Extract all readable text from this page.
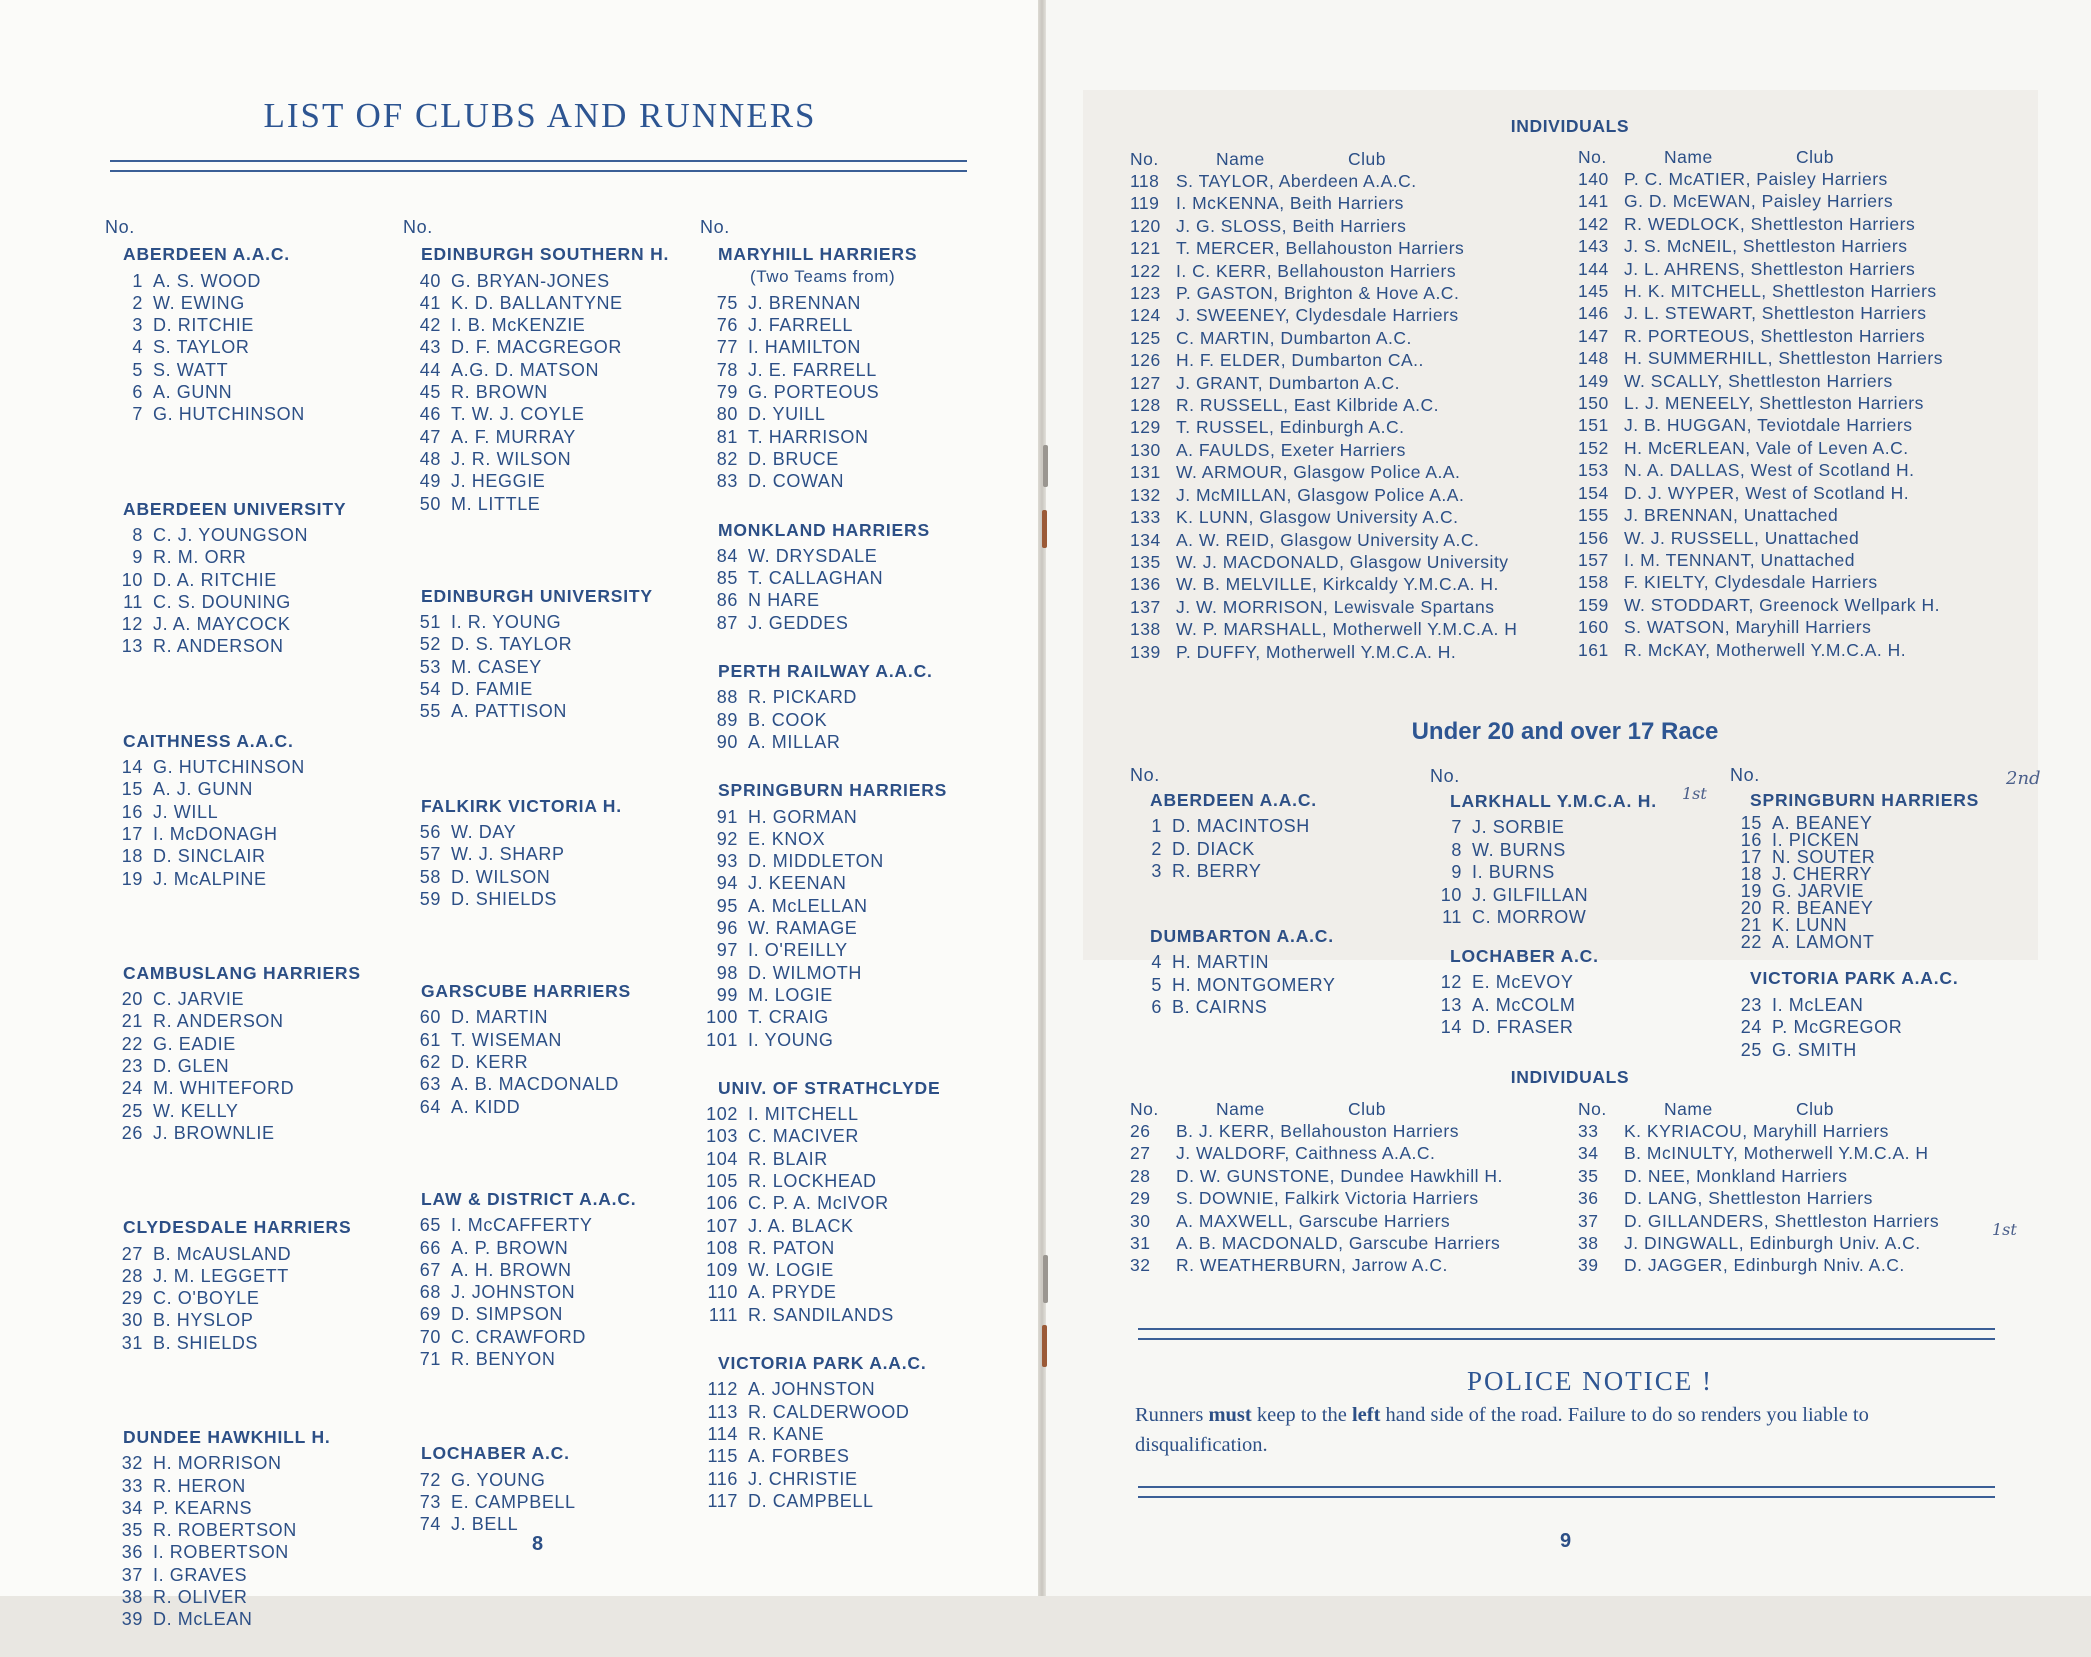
LIST OF CLUBS AND RUNNERS
No.
ABERDEEN A.A.C.
1 A. S. WOOD
2 W. EWING
3 D. RITCHIE
4 S. TAYLOR
5 S. WATT
6 A. GUNN
7 G. HUTCHINSON
ABERDEEN UNIVERSITY
8 C. J. YOUNGSON
9 R. M. ORR
10 D. A. RITCHIE
11 C. S. DOUNING
12 J. A. MAYCOCK
13 R. ANDERSON
CAITHNESS A.A.C.
14 G. HUTCHINSON
15 A. J. GUNN
16 J. WILL
17 I. McDONAGH
18 D. SINCLAIR
19 J. McALPINE
CAMBUSLANG HARRIERS
20 C. JARVIE
21 R. ANDERSON
22 G. EADIE
23 D. GLEN
24 M. WHITEFORD
25 W. KELLY
26 J. BROWNLIE
CLYDESDALE HARRIERS
27 B. McAUSLAND
28 J. M. LEGGETT
29 C. O'BOYLE
30 B. HYSLOP
31 B. SHIELDS
DUNDEE HAWKHILL H.
32 H. MORRISON
33 R. HERON
34 P. KEARNS
35 R. ROBERTSON
36 I. ROBERTSON
37 I. GRAVES
38 R. OLIVER
39 D. McLEAN
No.
EDINBURGH SOUTHERN H.
40 G. BRYAN-JONES
41 K. D. BALLANTYNE
42 I. B. McKENZIE
43 D. F. MACGREGOR
44 A.G. D. MATSON
45 R. BROWN
46 T. W. J. COYLE
47 A. F. MURRAY
48 J. R. WILSON
49 J. HEGGIE
50 M. LITTLE
EDINBURGH UNIVERSITY
51 I. R. YOUNG
52 D. S. TAYLOR
53 M. CASEY
54 D. FAMIE
55 A. PATTISON
FALKIRK VICTORIA H.
56 W. DAY
57 W. J. SHARP
58 D. WILSON
59 D. SHIELDS
GARSCUBE HARRIERS
60 D. MARTIN
61 T. WISEMAN
62 D. KERR
63 A. B. MACDONALD
64 A. KIDD
LAW & DISTRICT A.A.C.
65 I. McCAFFERTY
66 A. P. BROWN
67 A. H. BROWN
68 J. JOHNSTON
69 D. SIMPSON
70 C. CRAWFORD
71 R. BENYON
LOCHABER A.C.
72 G. YOUNG
73 E. CAMPBELL
74 J. BELL
No.
MARYHILL HARRIERS
(Two Teams from)
75 J. BRENNAN
76 J. FARRELL
77 I. HAMILTON
78 J. E. FARRELL
79 G. PORTEOUS
80 D. YUILL
81 T. HARRISON
82 D. BRUCE
83 D. COWAN
MONKLAND HARRIERS
84 W. DRYSDALE
85 T. CALLAGHAN
86 N HARE
87 J. GEDDES
PERTH RAILWAY A.A.C.
88 R. PICKARD
89 B. COOK
90 A. MILLAR
SPRINGBURN HARRIERS
91 H. GORMAN
92 E. KNOX
93 D. MIDDLETON
94 J. KEENAN
95 A. McLELLAN
96 W. RAMAGE
97 I. O'REILLY
98 D. WILMOTH
99 M. LOGIE
100 T. CRAIG
101 I. YOUNG
UNIV. OF STRATHCLYDE
102 I. MITCHELL
103 C. MACIVER
104 R. BLAIR
105 R. LOCKHEAD
106 C. P. A. McIVOR
107 J. A. BLACK
108 R. PATON
109 W. LOGIE
110 A. PRYDE
111 R. SANDILANDS
VICTORIA PARK A.A.C.
112 A. JOHNSTON
113 R. CALDERWOOD
114 R. KANE
115 A. FORBES
116 J. CHRISTIE
117 D. CAMPBELL
8
INDIVIDUALS
No.	Name	Club
118 S. TAYLOR, Aberdeen A.A.C.
119 I. McKENNA, Beith Harriers
120 J. G. SLOSS, Beith Harriers
121 T. MERCER, Bellahouston Harriers
122 I. C. KERR, Bellahouston Harriers
123 P. GASTON, Brighton & Hove A.C.
124 J. SWEENEY, Clydesdale Harriers
125 C. MARTIN, Dumbarton A.C.
126 H. F. ELDER, Dumbarton CA..
127 J. GRANT, Dumbarton A.C.
128 R. RUSSELL, East Kilbride A.C.
129 T. RUSSEL, Edinburgh A.C.
130 A. FAULDS, Exeter Harriers
131 W. ARMOUR, Glasgow Police A.A.
132 J. McMILLAN, Glasgow Police A.A.
133 K. LUNN, Glasgow University A.C.
134 A. W. REID, Glasgow University A.C.
135 W. J. MACDONALD, Glasgow University
136 W. B. MELVILLE, Kirkcaldy Y.M.C.A. H.
137 J. W. MORRISON, Lewisvale Spartans
138 W. P. MARSHALL, Motherwell Y.M.C.A. H
139 P. DUFFY, Motherwell Y.M.C.A. H.
No.	Name	Club
140 P. C. McATIER, Paisley Harriers
141 G. D. McEWAN, Paisley Harriers
142 R. WEDLOCK, Shettleston Harriers
143 J. S. McNEIL, Shettleston Harriers
144 J. L. AHRENS, Shettleston Harriers
145 H. K. MITCHELL, Shettleston Harriers
146 J. L. STEWART, Shettleston Harriers
147 R. PORTEOUS, Shettleston Harriers
148 H. SUMMERHILL, Shettleston Harriers
149 W. SCALLY, Shettleston Harriers
150 L. J. MENEELY, Shettleston Harriers
151 J. B. HUGGAN, Teviotdale Harriers
152 H. McERLEAN, Vale of Leven A.C.
153 N. A. DALLAS, West of Scotland H.
154 D. J. WYPER, West of Scotland H.
155 J. BRENNAN, Unattached
156 W. J. RUSSELL, Unattached
157 I. M. TENNANT, Unattached
158 F. KIELTY, Clydesdale Harriers
159 W. STODDART, Greenock Wellpark H.
160 S. WATSON, Maryhill Harriers
161 R. McKAY, Motherwell Y.M.C.A. H.
Under 20 and over 17 Race
No.
ABERDEEN A.A.C.
1 D. MACINTOSH
2 D. DIACK
3 R. BERRY
DUMBARTON A.A.C.
4 H. MARTIN
5 H. MONTGOMERY
6 B. CAIRNS
No.
LARKHALL Y.M.C.A. H.
7 J. SORBIE
8 W. BURNS
9 I. BURNS
10 J. GILFILLAN
11 C. MORROW
LOCHABER A.C.
12 E. McEVOY
13 A. McCOLM
14 D. FRASER
No.
SPRINGBURN HARRIERS
15 A. BEANEY
16 I. PICKEN
17 N. SOUTER
18 J. CHERRY
19 G. JARVIE
20 R. BEANEY
21 K. LUNN
22 A. LAMONT
VICTORIA PARK A.A.C.
23 I. McLEAN
24 P. McGREGOR
25 G. SMITH
INDIVIDUALS
No.	Name	Club
26 B. J. KERR, Bellahouston Harriers
27 J. WALDORF, Caithness A.A.C.
28 D. W. GUNSTONE, Dundee Hawkhill H.
29 S. DOWNIE, Falkirk Victoria Harriers
30 A. MAXWELL, Garscube Harriers
31 A. B. MACDONALD, Garscube Harriers
32 R. WEATHERBURN, Jarrow A.C.
No.	Name	Club
33 K. KYRIACOU, Maryhill Harriers
34 B. McINULTY, Motherwell Y.M.C.A. H
35 D. NEE, Monkland Harriers
36 D. LANG, Shettleston Harriers
37 D. GILLANDERS, Shettleston Harriers
38 J. DINGWALL, Edinburgh Univ. A.C.
39 D. JAGGER, Edinburgh Nniv. A.C.
POLICE NOTICE !
Runners must keep to the left hand side of the road. Failure to do so renders you liable to disqualification.
9
1st
2nd
1st
